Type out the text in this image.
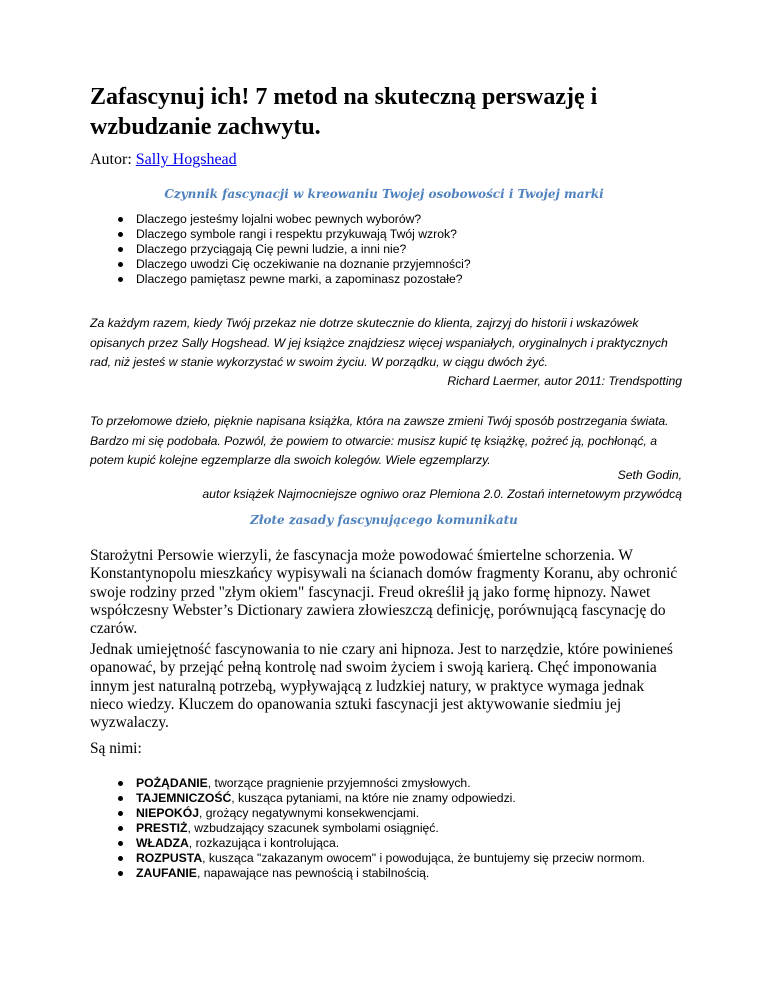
Zafascynuj ich! 7 metod na skuteczną perswazję i wzbudzanie zachwytu.

Autor: Sally Hogshead

Czynnik fascynacji w kreowaniu Twojej osobowości i Twojej marki

Dlaczego jesteśmy lojalni wobec pewnych wyborów?
Dlaczego symbole rangi i respektu przykuwają Twój wzrok?
Dlaczego przyciągają Cię pewni ludzie, a inni nie?
Dlaczego uwodzi Cię oczekiwanie na doznanie przyjemności?
Dlaczego pamiętasz pewne marki, a zapominasz pozostałe?

Za każdym razem, kiedy Twój przekaz nie dotrze skutecznie do klienta, zajrzyj do historii i wskazówek opisanych przez Sally Hogshead. W jej książce znajdziesz więcej wspaniałych, oryginalnych i praktycznych rad, niż jesteś w stanie wykorzystać w swoim życiu. W porządku, w ciągu dwóch żyć.

Richard Laermer, autor 2011: Trendspotting

To przełomowe dzieło, pięknie napisana książka, która na zawsze zmieni Twój sposób postrzegania świata. Bardzo mi się podobała. Pozwól, że powiem to otwarcie: musisz kupić tę książkę, pożreć ją, pochłonąć, a potem kupić kolejne egzemplarze dla swoich kolegów. Wiele egzemplarzy.

Seth Godin,

autor książek Najmocniejsze ogniwo oraz Plemiona 2.0. Zostań internetowym przywódcą

Złote zasady fascynującego komunikatu

Starożytni Persowie wierzyli, że fascynacja może powodować śmiertelne schorzenia. W Konstantynopolu mieszkańcy wypisywali na ścianach domów fragmenty Koranu, aby ochronić swoje rodziny przed "złym okiem" fascynacji. Freud określił ją jako formę hipnozy. Nawet współczesny Webster’s Dictionary zawiera złowieszczą definicję, porównującą fascynację do czarów.

Jednak umiejętność fascynowania to nie czary ani hipnoza. Jest to narzędzie, które powinieneś opanować, by przejąć pełną kontrolę nad swoim życiem i swoją karierą. Chęć imponowania innym jest naturalną potrzebą, wypływającą z ludzkiej natury, w praktyce wymaga jednak nieco wiedzy. Kluczem do opanowania sztuki fascynacji jest aktywowanie siedmiu jej wyzwalaczy.

Są nimi:

POŻĄDANIE, tworzące pragnienie przyjemności zmysłowych.
TAJEMNICZOŚĆ, kusząca pytaniami, na które nie znamy odpowiedzi.
NIEPOKÓJ, grożący negatywnymi konsekwencjami.
PRESTIŻ, wzbudzający szacunek symbolami osiągnięć.
WŁADZA, rozkazująca i kontrolująca.
ROZPUSTA, kusząca "zakazanym owocem" i powodująca, że buntujemy się przeciw normom.
ZAUFANIE, napawające nas pewnością i stabilnością.
